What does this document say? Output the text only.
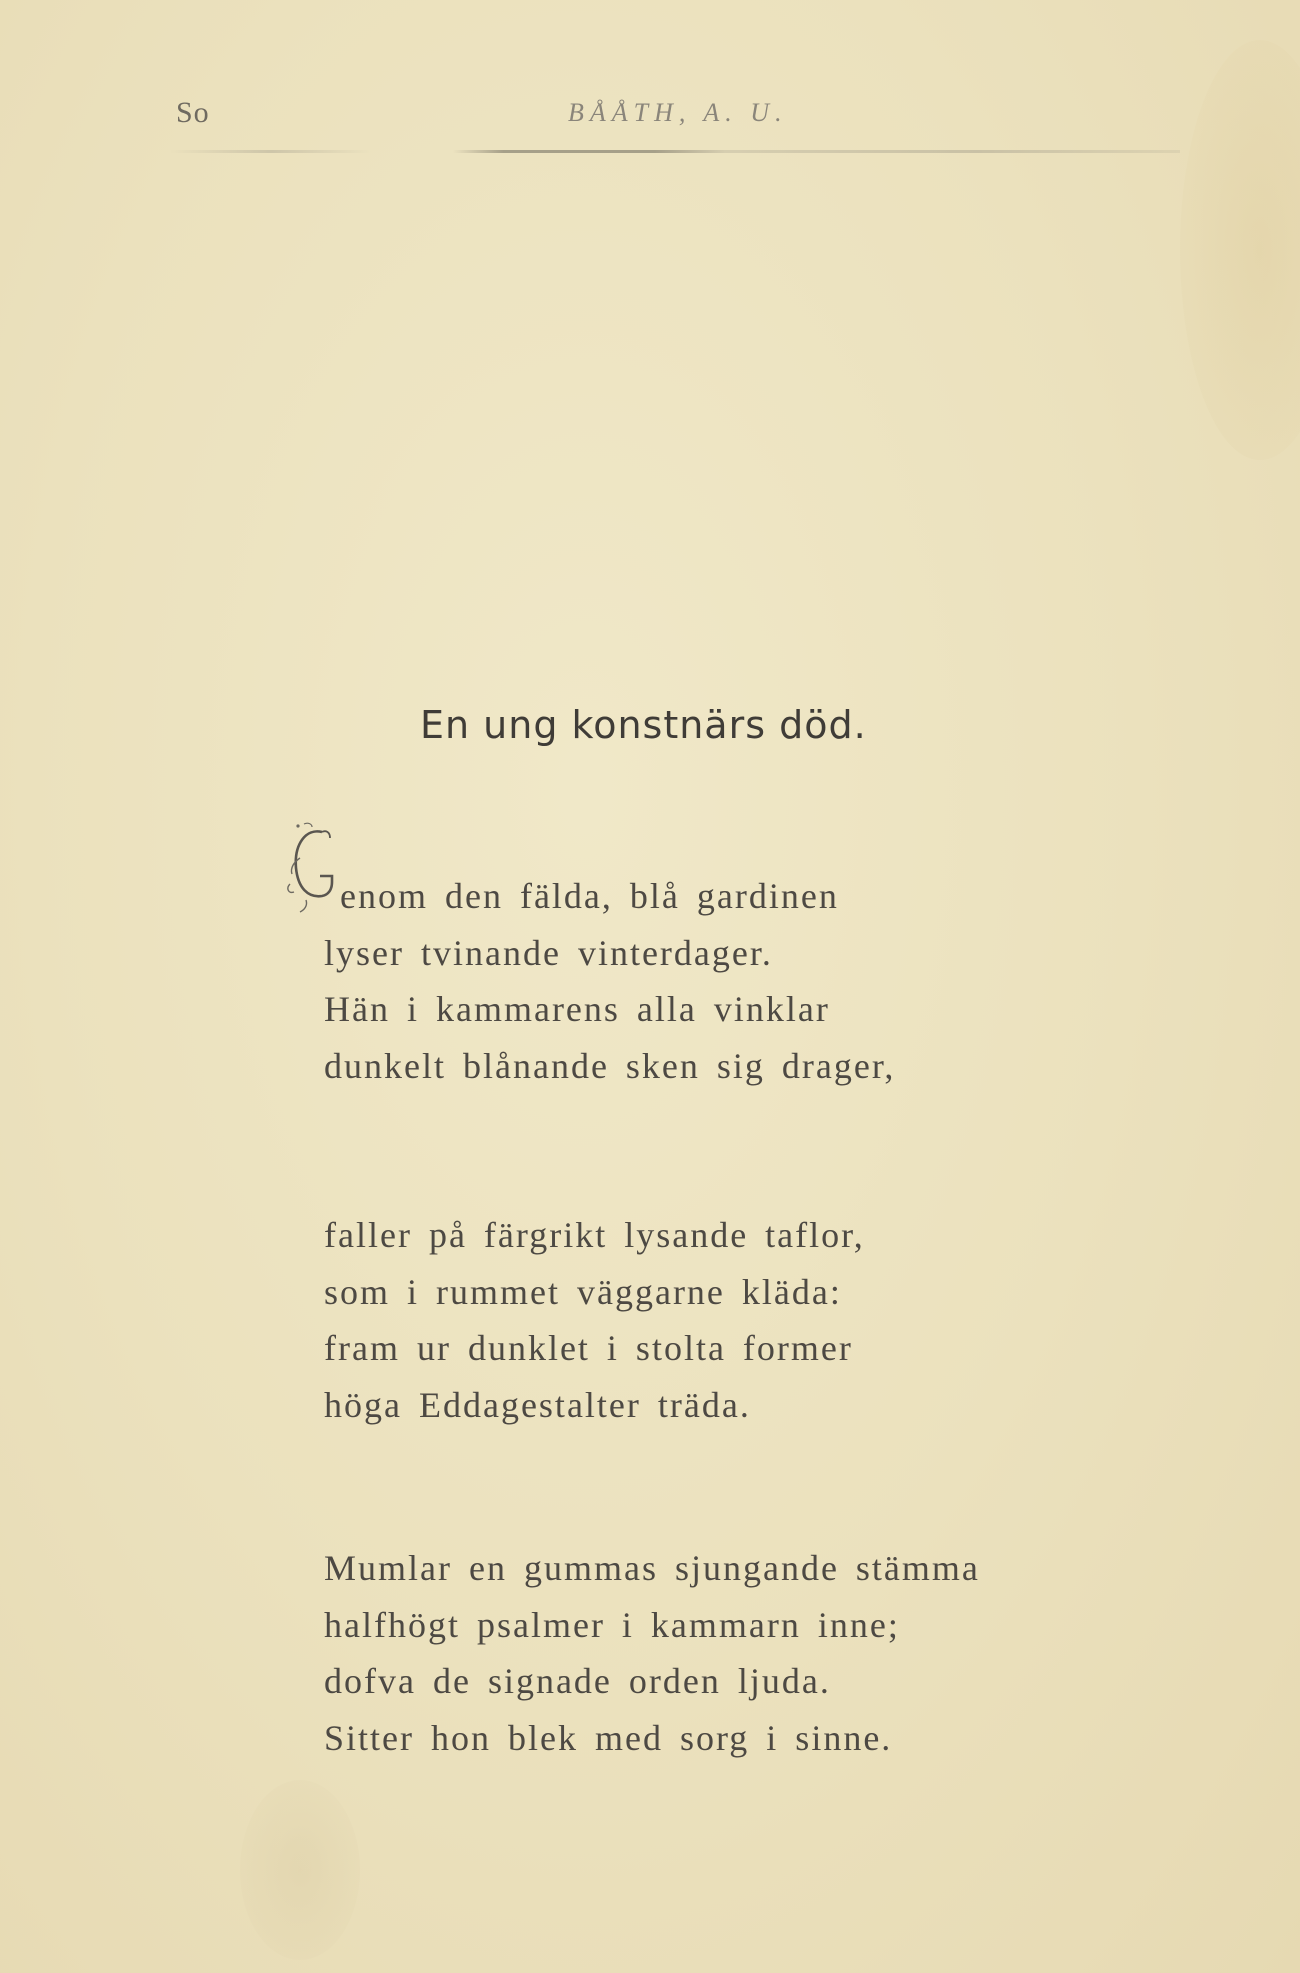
So	BÅÅTH, A. U.
En ung konstnärs död.
enom den fälda, blå gardinen
lyser tvinande vinterdager.
Hän i kammarens alla vinklar
dunkelt blånande sken sig drager,
faller på färgrikt lysande taflor,
som i rummet väggarne kläda:
fram ur dunklet i stolta former
höga Eddagestalter träda.
Mumlar en gummas sjungande stämma
halfhögt psalmer i kammarn inne;
dofva de signade orden ljuda.
Sitter hon blek med sorg i sinne.
